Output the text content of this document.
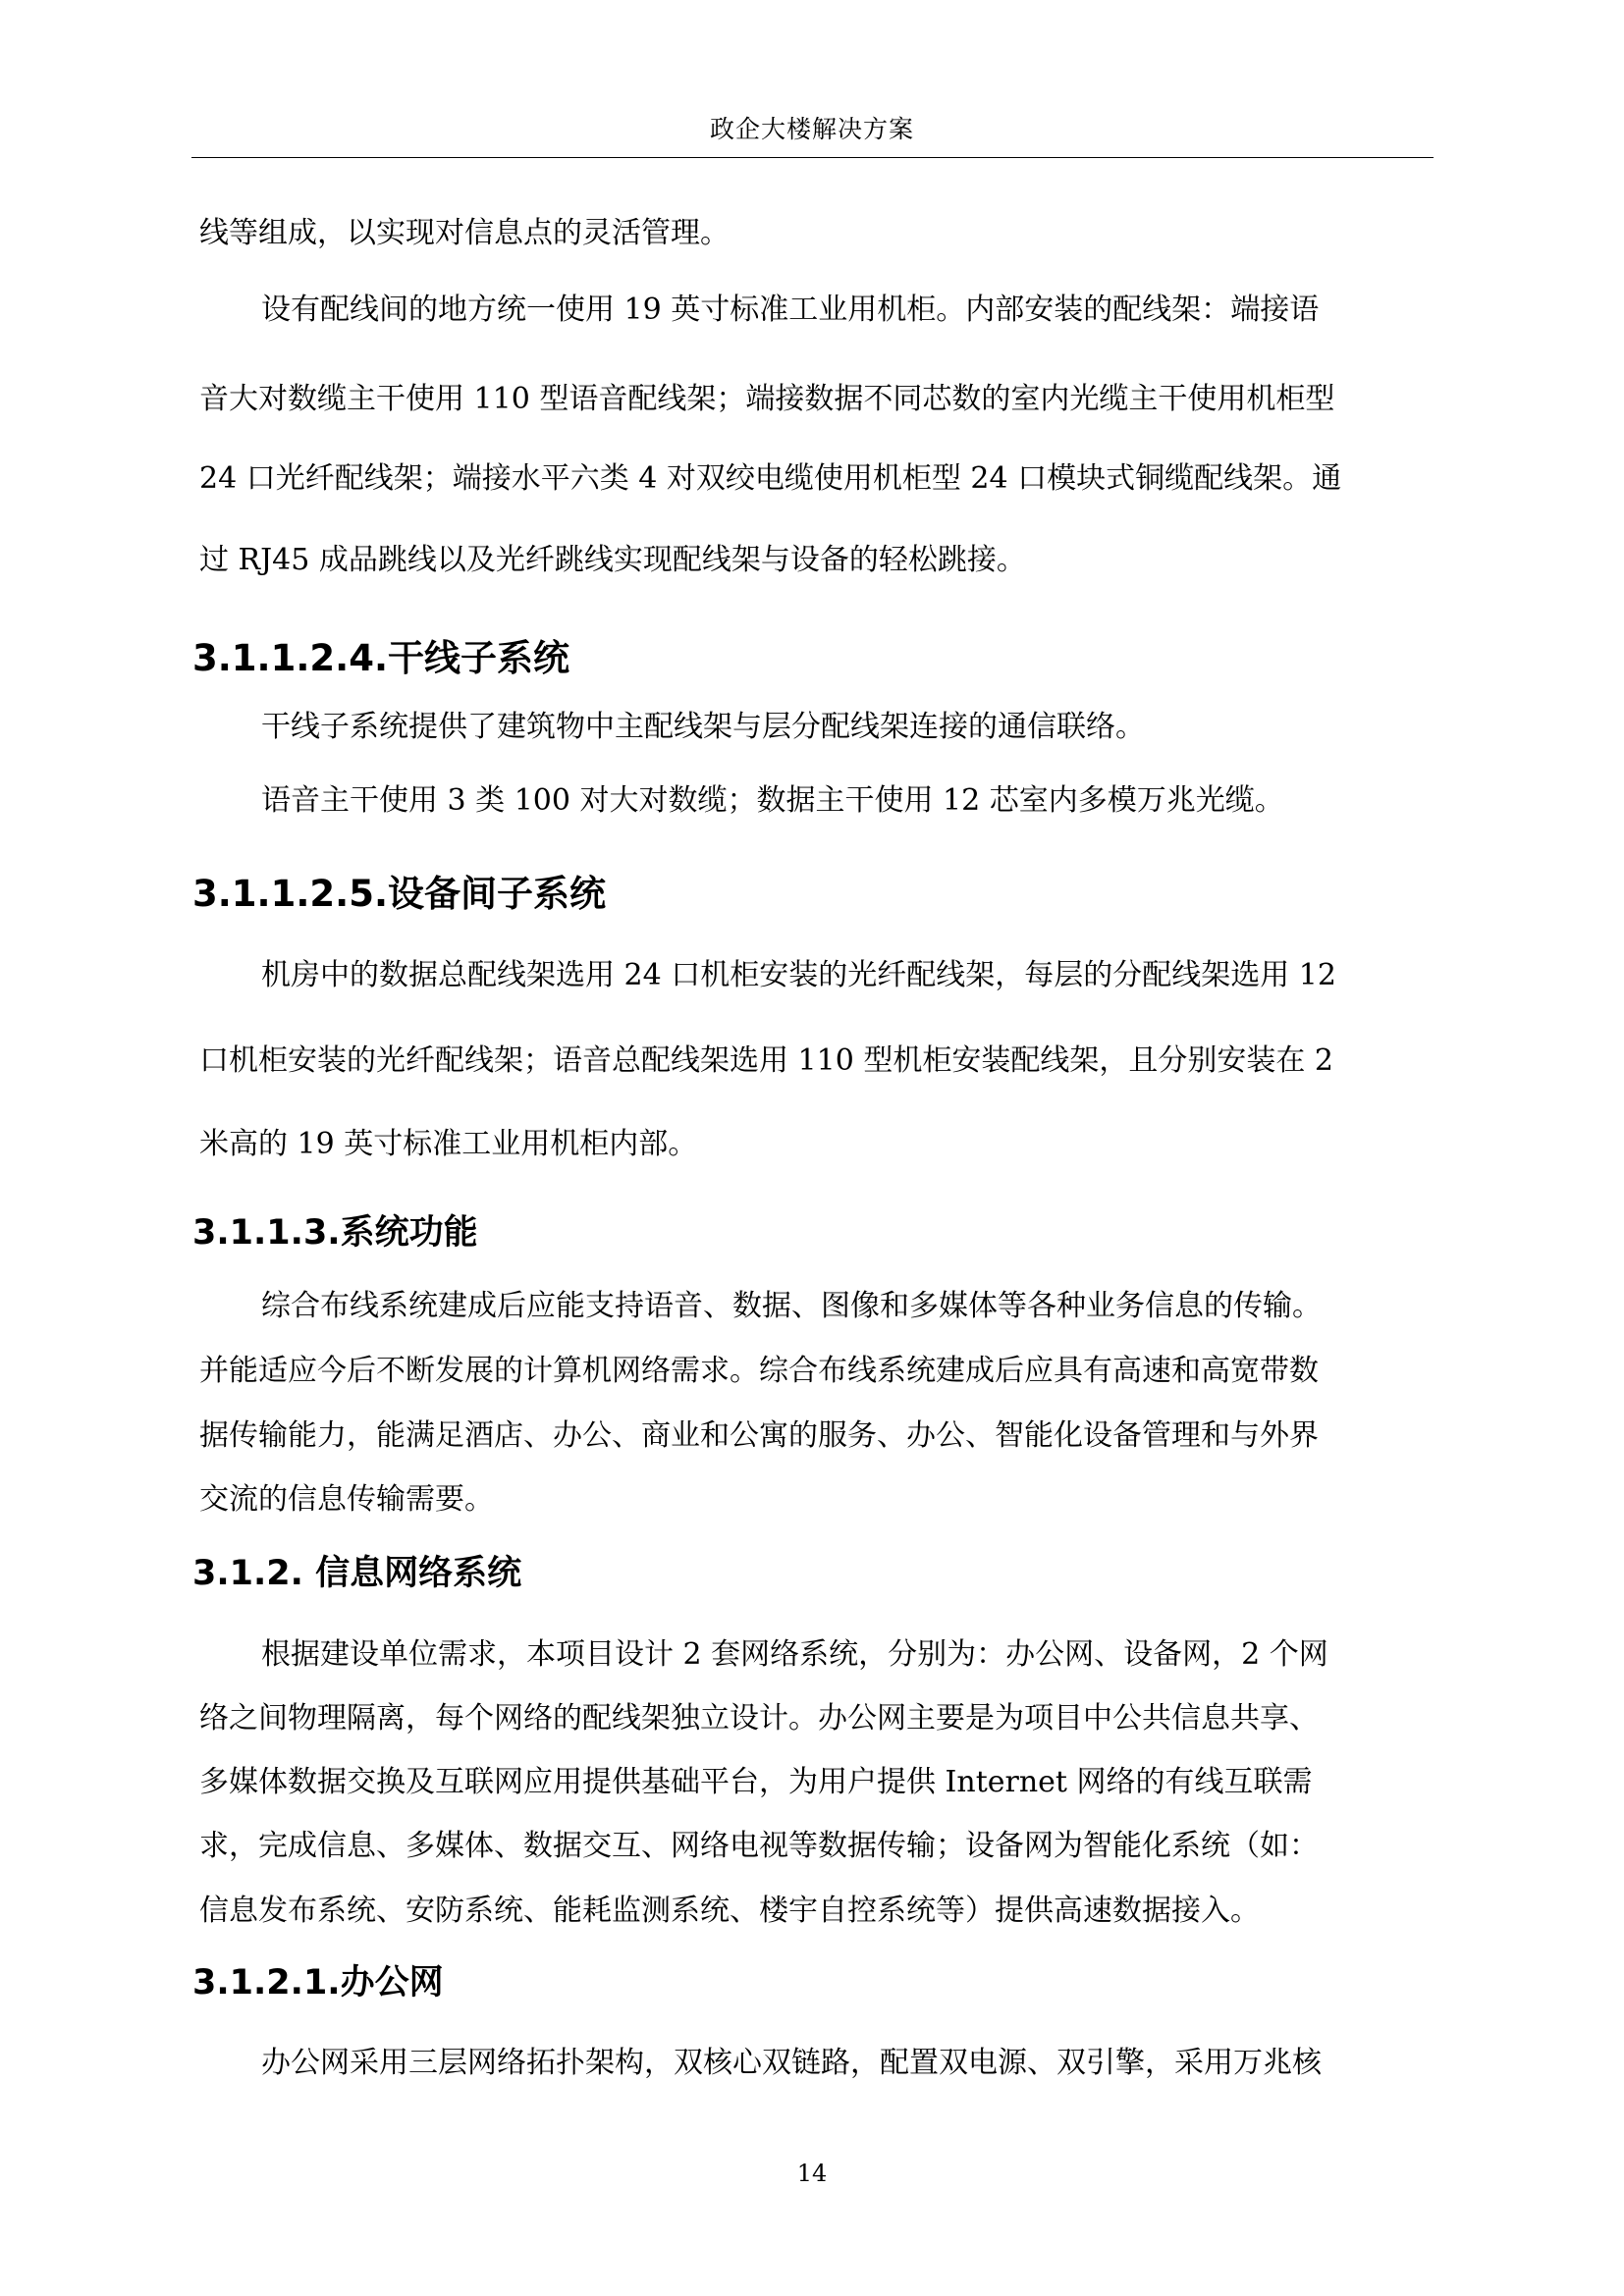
政企大楼解决方案

线等组成，以实现对信息点的灵活管理。

设有配线间的地方统一使用 19 英寸标准工业用机柜。内部安装的配线架：端接语

音大对数缆主干使用 110 型语音配线架；端接数据不同芯数的室内光缆主干使用机柜型

24 口光纤配线架；端接水平六类 4 对双绞电缆使用机柜型 24 口模块式铜缆配线架。通

过 RJ45 成品跳线以及光纤跳线实现配线架与设备的轻松跳接。

3.1.1.2.4.干线子系统

干线子系统提供了建筑物中主配线架与层分配线架连接的通信联络。

语音主干使用 3 类 100 对大对数缆；数据主干使用 12 芯室内多模万兆光缆。

3.1.1.2.5.设备间子系统

机房中的数据总配线架选用 24 口机柜安装的光纤配线架，每层的分配线架选用 12

口机柜安装的光纤配线架；语音总配线架选用 110 型机柜安装配线架，且分别安装在 2

米高的 19 英寸标准工业用机柜内部。

3.1.1.3.系统功能

综合布线系统建成后应能支持语音、数据、图像和多媒体等各种业务信息的传输。

并能适应今后不断发展的计算机网络需求。综合布线系统建成后应具有高速和高宽带数

据传输能力，能满足酒店、办公、商业和公寓的服务、办公、智能化设备管理和与外界

交流的信息传输需要。

3.1.2. 信息网络系统

根据建设单位需求，本项目设计 2 套网络系统，分别为：办公网、设备网，2 个网

络之间物理隔离，每个网络的配线架独立设计。办公网主要是为项目中公共信息共享、

多媒体数据交换及互联网应用提供基础平台，为用户提供 Internet 网络的有线互联需

求，完成信息、多媒体、数据交互、网络电视等数据传输；设备网为智能化系统（如：

信息发布系统、安防系统、能耗监测系统、楼宇自控系统等）提供高速数据接入。

3.1.2.1.办公网

办公网采用三层网络拓扑架构，双核心双链路，配置双电源、双引擎，采用万兆核

14
